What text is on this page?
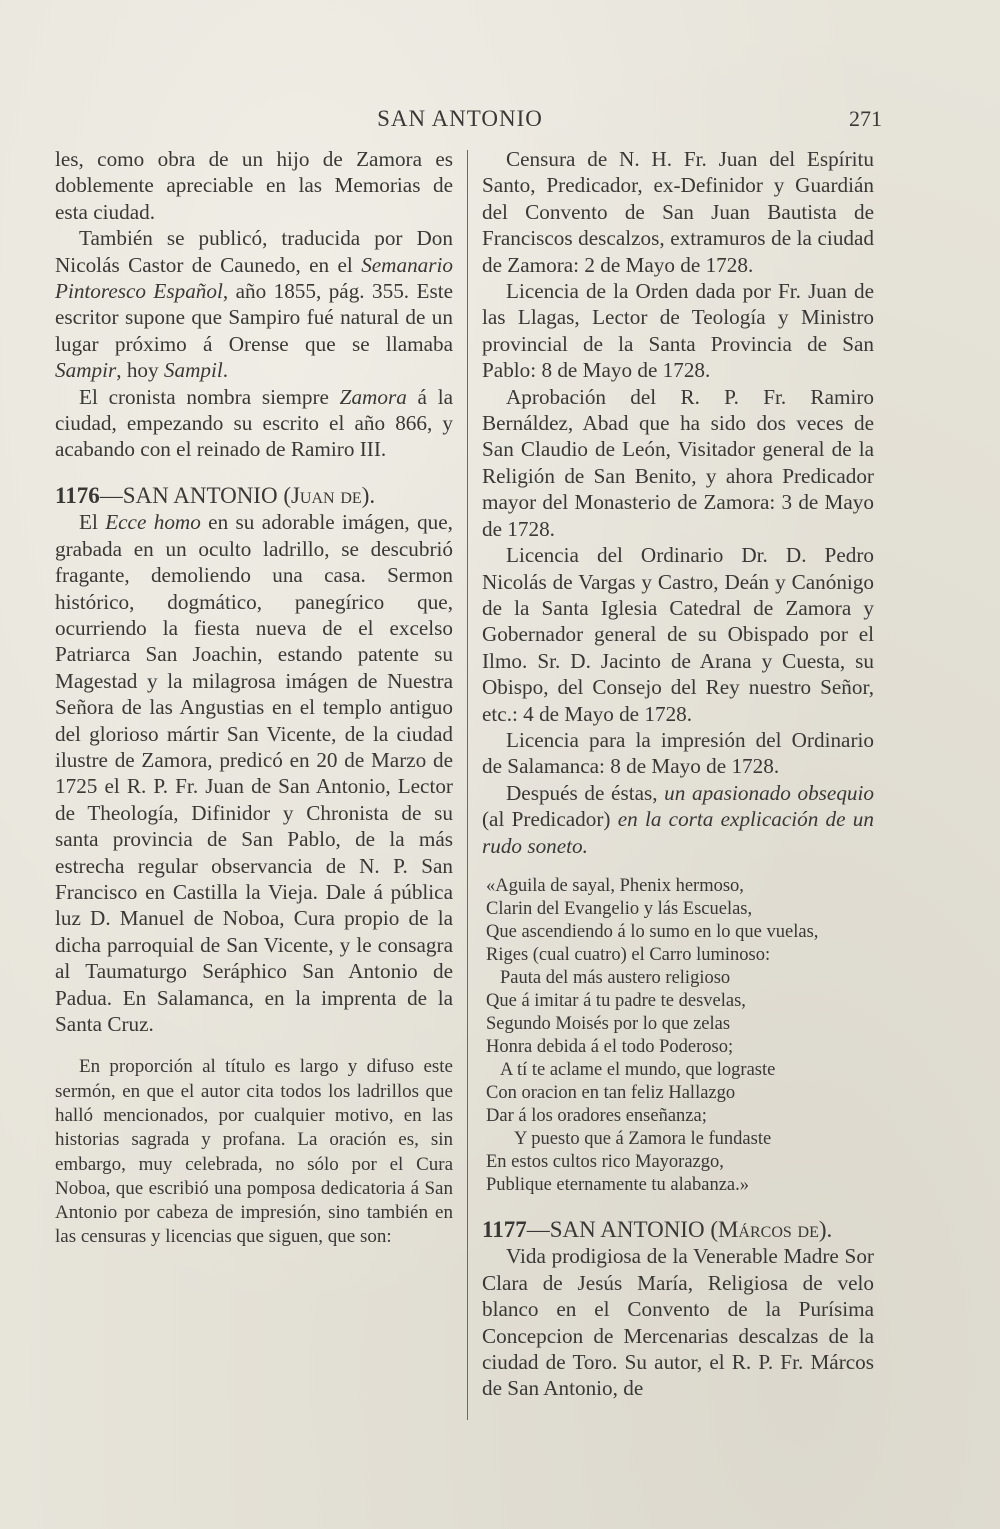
SAN ANTONIO	271

les, como obra de un hijo de Zamora es doblemente apreciable en las Memorias de esta ciudad.

También se publicó, traducida por Don Nicolás Castor de Caunedo, en el Semanario Pintoresco Español, año 1855, pág. 355. Este escritor supone que Sampiro fué natural de un lugar próximo á Orense que se llamaba Sampir, hoy Sampil.

El cronista nombra siempre Zamora á la ciudad, empezando su escrito el año 866, y acabando con el reinado de Ramiro III.

1176—SAN ANTONIO (Juan de).

El Ecce homo en su adorable imágen, que, grabada en un oculto ladrillo, se descubrió fragante, demoliendo una casa. Sermon histórico, dogmático, panegírico que, ocurriendo la fiesta nueva de el excelso Patriarca San Joachin, estando patente su Magestad y la milagrosa imágen de Nuestra Señora de las Angustias en el templo antiguo del glorioso mártir San Vicente, de la ciudad ilustre de Zamora, predicó en 20 de Marzo de 1725 el R. P. Fr. Juan de San Antonio, Lector de Theología, Difinidor y Chronista de su santa provincia de San Pablo, de la más estrecha regular observancia de N. P. San Francisco en Castilla la Vieja. Dale á pública luz D. Manuel de Noboa, Cura propio de la dicha parroquial de San Vicente, y le consagra al Taumaturgo Seráphico San Antonio de Padua. En Salamanca, en la imprenta de la Santa Cruz.

En proporción al título es largo y difuso este sermón, en que el autor cita todos los ladrillos que halló mencionados, por cualquier motivo, en las historias sagrada y profana. La oración es, sin embargo, muy celebrada, no sólo por el Cura Noboa, que escribió una pomposa dedicatoria á San Antonio por cabeza de impresión, sino también en las censuras y licencias que siguen, que son:

Censura de N. H. Fr. Juan del Espíritu Santo, Predicador, ex-Definidor y Guardián del Convento de San Juan Bautista de Franciscos descalzos, extramuros de la ciudad de Zamora: 2 de Mayo de 1728.

Licencia de la Orden dada por Fr. Juan de las Llagas, Lector de Teología y Ministro provincial de la Santa Provincia de San Pablo: 8 de Mayo de 1728.

Aprobación del R. P. Fr. Ramiro Bernáldez, Abad que ha sido dos veces de San Claudio de León, Visitador general de la Religión de San Benito, y ahora Predicador mayor del Monasterio de Zamora: 3 de Mayo de 1728.

Licencia del Ordinario Dr. D. Pedro Nicolás de Vargas y Castro, Deán y Canónigo de la Santa Iglesia Catedral de Zamora y Gobernador general de su Obispado por el Ilmo. Sr. D. Jacinto de Arana y Cuesta, su Obispo, del Consejo del Rey nuestro Señor, etc.: 4 de Mayo de 1728.

Licencia para la impresión del Ordinario de Salamanca: 8 de Mayo de 1728.

Después de éstas, un apasionado obsequio (al Predicador) en la corta explicación de un rudo soneto.

«Aguila de sayal, Phenix hermoso,
Clarin del Evangelio y lás Escuelas,
Que ascendiendo á lo sumo en lo que vuelas,
Riges (cual cuatro) el Carro luminoso:
Pauta del más austero religioso
Que á imitar á tu padre te desvelas,
Segundo Moisés por lo que zelas
Honra debida á el todo Poderoso;
A tí te aclame el mundo, que lograste
Con oracion en tan feliz Hallazgo
Dar á los oradores enseñanza;
Y puesto que á Zamora le fundaste
En estos cultos rico Mayorazgo,
Publique eternamente tu alabanza.»

1177—SAN ANTONIO (Márcos de).

Vida prodigiosa de la Venerable Madre Sor Clara de Jesús María, Religiosa de velo blanco en el Convento de la Purísima Concepcion de Mercenarias descalzas de la ciudad de Toro. Su autor, el R. P. Fr. Márcos de San Antonio, de
